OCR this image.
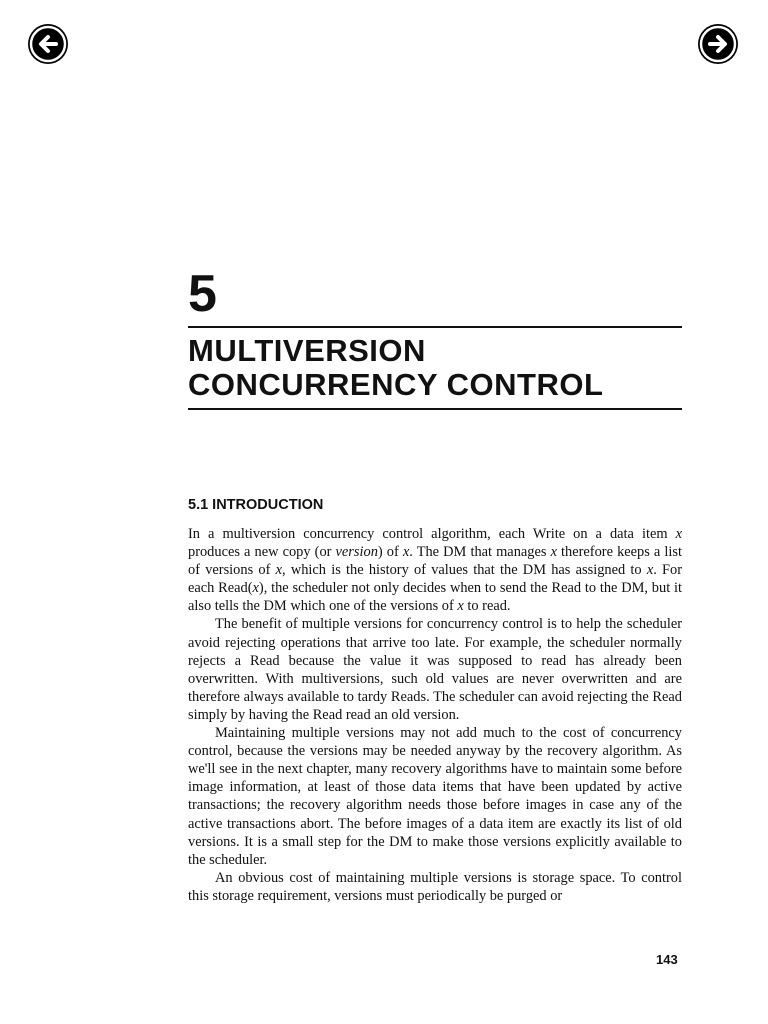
5
MULTIVERSION
CONCURRENCY CONTROL
5.1 INTRODUCTION

In a multiversion concurrency control algorithm, each Write on a data item x produces a new copy (or version) of x. The DM that manages x therefore keeps a list of versions of x, which is the history of values that the DM has assigned to x. For each Read(x), the scheduler not only decides when to send the Read to the DM, but it also tells the DM which one of the versions of x to read.

The benefit of multiple versions for concurrency control is to help the scheduler avoid rejecting operations that arrive too late. For example, the scheduler normally rejects a Read because the value it was supposed to read has already been overwritten. With multiversions, such old values are never overwritten and are therefore always available to tardy Reads. The scheduler can avoid rejecting the Read simply by having the Read read an old version.

Maintaining multiple versions may not add much to the cost of concurrency control, because the versions may be needed anyway by the recovery algorithm. As we'll see in the next chapter, many recovery algorithms have to maintain some before image information, at least of those data items that have been updated by active transactions; the recovery algorithm needs those before images in case any of the active transactions abort. The before images of a data item are exactly its list of old versions. It is a small step for the DM to make those versions explicitly available to the scheduler.

An obvious cost of maintaining multiple versions is storage space. To control this storage requirement, versions must periodically be purged or

143
